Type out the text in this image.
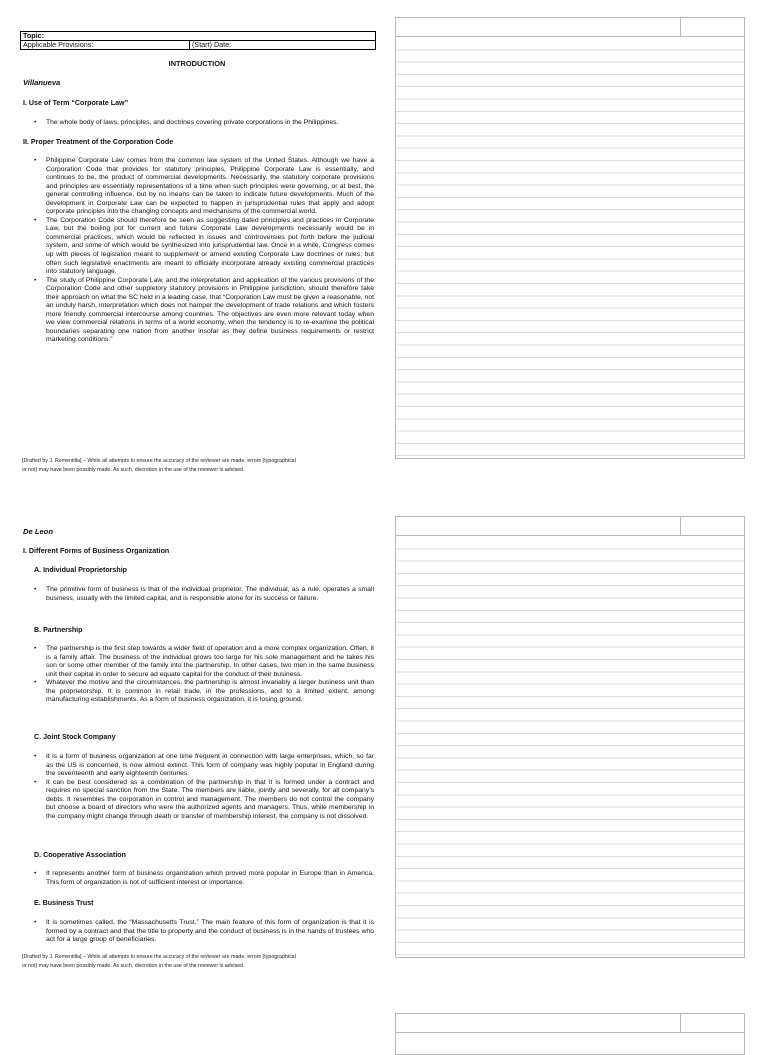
Topic:
Applicable Provisions:	(Start) Date:
INTRODUCTION
Villanueva
I. Use of Term “Corporate Law”
• The whole body of laws, principles, and doctrines covering private corporations in the Philippines.
II. Proper Treatment of the Corporation Code
• Philippine Corporate Law comes from the common law system of the United States. Although we have a Corporation Code that provides for statutory principles, Philippine Corporate Law is essentially, and continues to be, the product of commercial developments. Necessarily, the statutory corporate provisions and principles are essentially representations of a time when such principles were governing, or at best, the general controlling influence, but by no means can be taken to indicate future developments. Much of the development in Corporate Law can be expected to happen in jurisprudential rules that apply and adopt corporate principles into the changing concepts and mechanisms of the commercial world.
• The Corporation Code should therefore be seen as suggesting dated principles and practices in Corporate Law, but the boiling pot for current and future Corporate Law developments necessarily would be in commercial practices, which would be reflected in issues and controversies put forth before the judicial system, and some of which would be synthesized into jurisprudential law. Once in a while, Congress comes up with pieces of legislation meant to supplement or amend existing Corporate Law doctrines or rules; but often such legislative enactments are meant to officially incorporate already existing commercial practices into statutory language.
• The study of Philippine Corporate Law, and the interpretation and application of the various provisions of the Corporation Code and other suppletory statutory provisions in Philippine jurisdiction, should therefore take their approach on what the SC held in a leading case, that “Corporation Law must be given a reasonable, not an unduly harsh, interpretation which does not hamper the development of trade relations and which fosters more friendly commercial intercourse among countries. The objectives are even more relevant today when we view commercial relations in terms of a world economy, when the tendency is to re-examine the political boundaries separating one nation from another insofar as they define business requirements or restrict marketing conditions.”
[Drafted by J. Rementilla] – While all attempts to ensure the accuracy of the reviewer are made, errors (typographical
or not) may have been possibly made. As such, discretion in the use of the reviewer is advised.
De Leon
I. Different Forms of Business Organization
A. Individual Proprietorship
• The primitive form of business is that of the individual proprietor. The individual, as a rule, operates a small business, usually with the limited capital, and is responsible alone for its success or failure.
B. Partnership
• The partnership is the first step towards a wider field of operation and a more complex organization. Often, it is a family affair. The business of the individual grows too large for his sole management and he takes his son or some other member of the family into the partnership. In other cases, two men in the same business unit their capital in order to secure ad equate capital for the conduct of their business.
• Whatever the motive and the circumstances, the partnership is almost invariably a larger business unit than the proprietorship. It is common in retail trade, in the professions, and to a limited extent, among manufacturing establishments. As a form of business organization, it is losing ground.
C. Joint Stock Company
• It is a form of business organization at one time frequent in connection with large enterprises, which, so far as the US is concerned, is now almost extinct. This form of company was highly popular in England during the seventeenth and early eighteenth centuries.
• It can be best considered as a combination of the partnership in that it is formed under a contract and requires no special sanction from the State. The members are liable, jointly and severally, for all company’s debts. It resembles the corporation in control and management. The members do not control the company but choose a board of directors who were the authorized agents and managers. Thus, while membership in the company might change through death or transfer of membership interest, the company is not dissolved.
D. Cooperative Association
• It represents another form of business organization which proved more popular in Europe than in America. This form of organization is not of sufficient interest or importance.
E. Business Trust
• It is sometimes called, the “Massachusetts Trust.” The main feature of this form of organization is that it is formed by a contract and that the title to property and the conduct of business is in the hands of trustees who act for a large group of beneficiaries.
[Drafted by J. Rementilla] – While all attempts to ensure the accuracy of the reviewer are made, errors (typographical
or not) may have been possibly made. As such, discretion in the use of the reviewer is advised.
